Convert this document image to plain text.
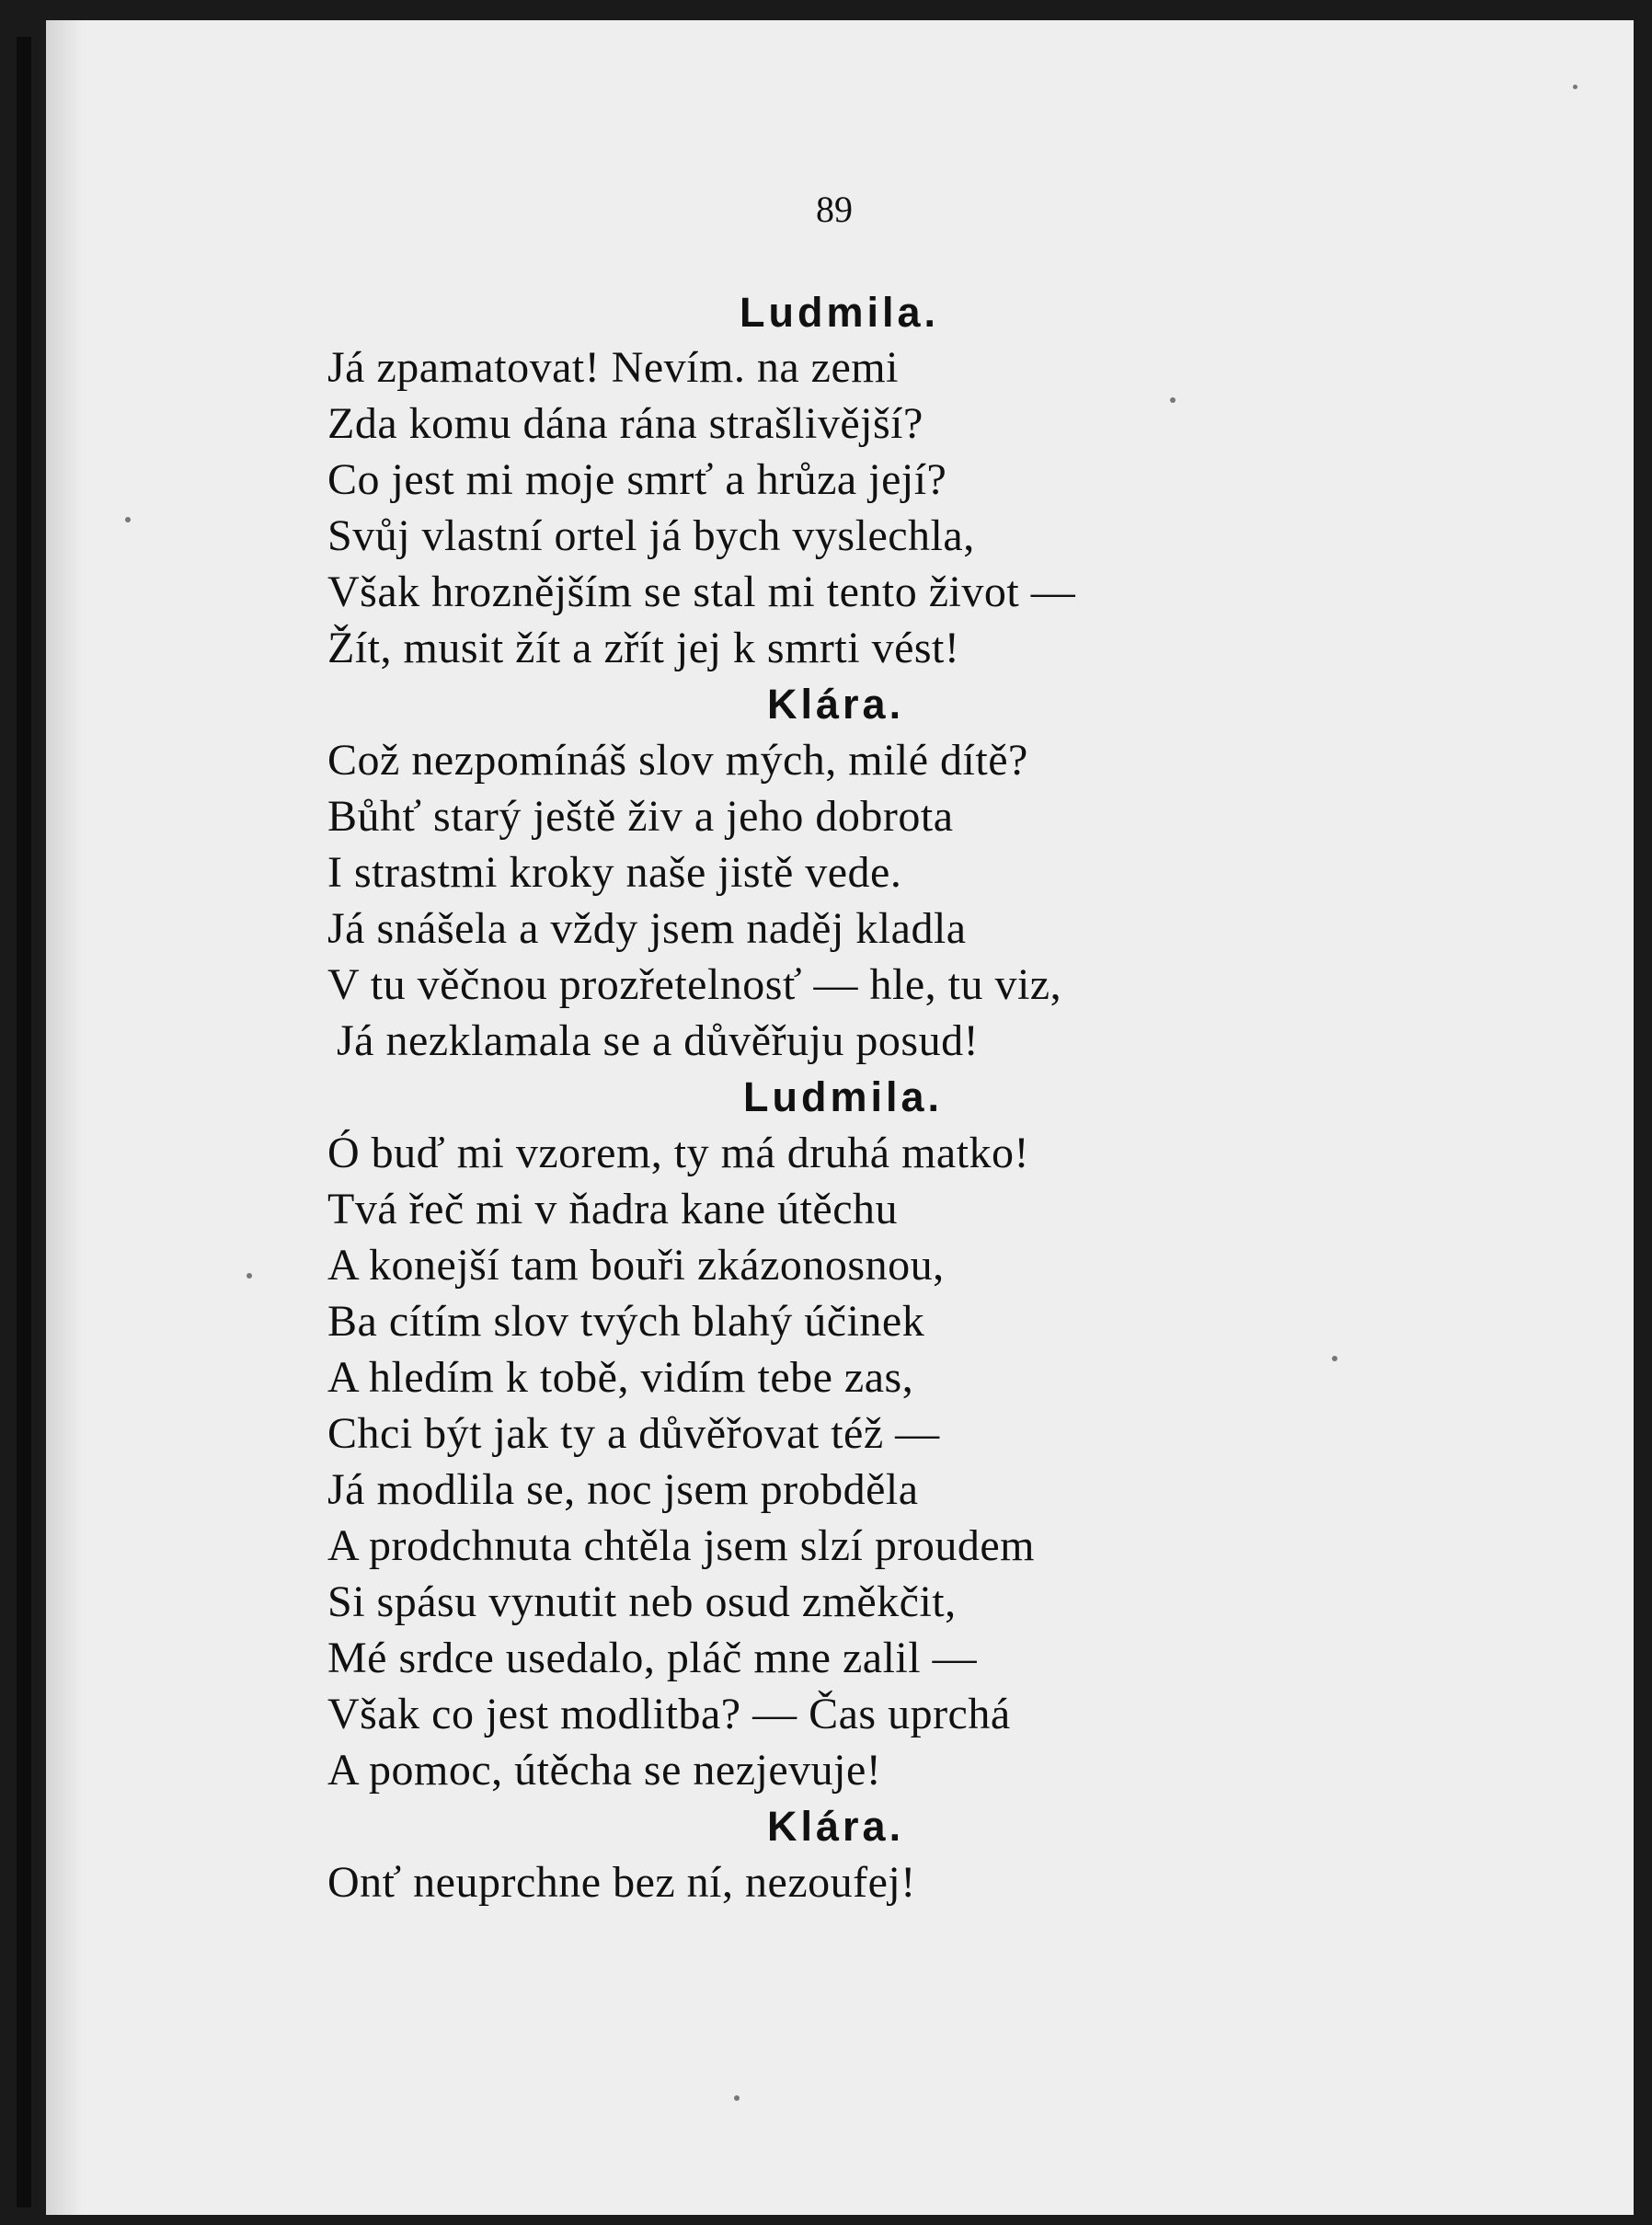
89
Ludmila.
Já zpamatovat! Nevím. na zemi
Zda komu dána rána strašlivější?
Co jest mi moje smrť a hrůza její?
Svůj vlastní ortel já bych vyslechla,
Však hroznějším se stal mi tento život —
Žít, musit žít a zřít jej k smrti vést!
Klára.
Což nezpomínáš slov mých, milé dítě?
Bůhť starý ještě živ a jeho dobrota
I strastmi kroky naše jistě vede.
Já snášela a vždy jsem naděj kladla
V tu věčnou prozřetelnosť — hle, tu viz,
Já nezklamala se a důvěřuju posud!
Ludmila.
Ó buď mi vzorem, ty má druhá matko!
Tvá řeč mi v ňadra kane útěchu
A konejší tam bouři zkázonosnou,
Ba cítím slov tvých blahý účinek
A hledím k tobě, vidím tebe zas,
Chci být jak ty a důvěřovat též —
Já modlila se, noc jsem probděla
A prodchnuta chtěla jsem slzí proudem
Si spásu vynutit neb osud změkčit,
Mé srdce usedalo, pláč mne zalil —
Však co jest modlitba? — Čas uprchá
A pomoc, útěcha se nezjevuje!
Klára.
Onť neuprchne bez ní, nezoufej!
